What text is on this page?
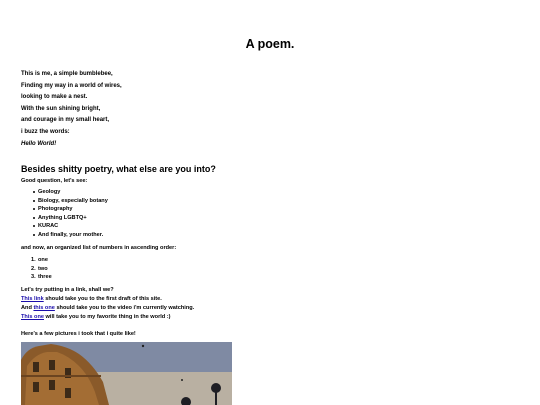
A poem.

This is me, a simple bumblebee,

Finding my way in a world of wires,

looking to make a nest.

With the sun shining bright,

and courage in my small heart,

i buzz the words:

Hello World!

Besides shitty poetry, what else are you into?

Good question, let's see:

Geology
Biology, especially botany
Photography
Anything LGBTQ+
KURAC
And finally, your mother.

and now, an organized list of numbers in ascending order:

1. one
2. two
3. three

Let's try putting in a link, shall we?

This link should take you to the first draft of this site.

And this one should take you to the video i'm currently watching.

This one will take you to my favorite thing in the world :)

Here's a few pictures i took that i quite like!
